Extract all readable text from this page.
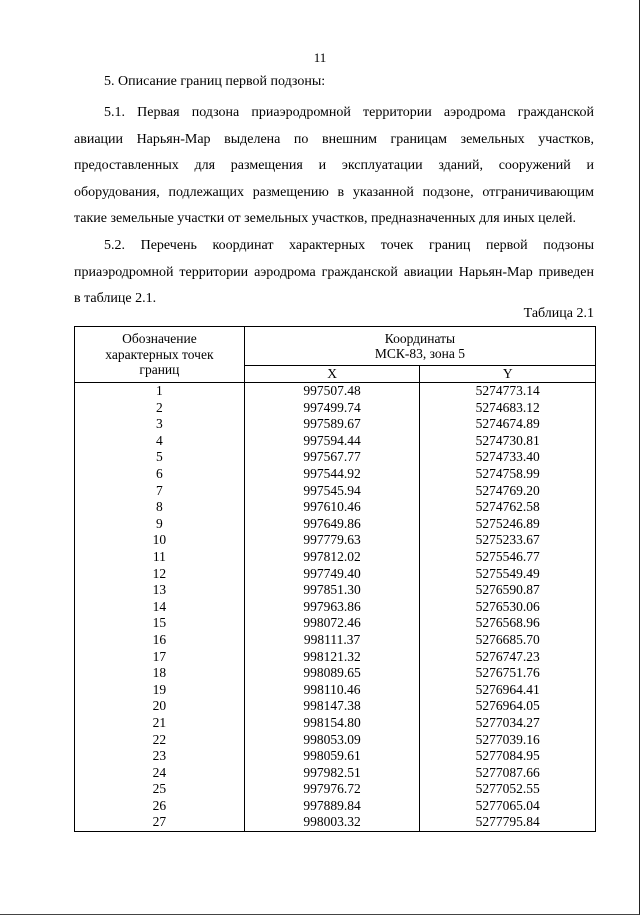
11
5. Описание границ первой подзоны:
5.1. Первая подзона приаэродромной территории аэродрома гражданской
авиации Нарьян-Мар выделена по внешним границам земельных участков,
предоставленных для размещения и эксплуатации зданий, сооружений и
оборудования, подлежащих размещению в указанной подзоне, отграничивающим
такие земельные участки от земельных участков, предназначенных для иных целей.
5.2. Перечень координат характерных точек границ первой подзоны
приаэродромной территории аэродрома гражданской авиации Нарьян-Мар приведен
в таблице 2.1.
Таблица 2.1
Обозначение характерных точек границ	Координаты
МСК-83, зона 5	

	X	Y
1	997507.48	5274773.14
2	997499.74	5274683.12
3	997589.67	5274674.89
4	997594.44	5274730.81
5	997567.77	5274733.40
6	997544.92	5274758.99
7	997545.94	5274769.20
8	997610.46	5274762.58
9	997649.86	5275246.89
10	997779.63	5275233.67
11	997812.02	5275546.77
12	997749.40	5275549.49
13	997851.30	5276590.87
14	997963.86	5276530.06
15	998072.46	5276568.96
16	998111.37	5276685.70
17	998121.32	5276747.23
18	998089.65	5276751.76
19	998110.46	5276964.41
20	998147.38	5276964.05
21	998154.80	5277034.27
22	998053.09	5277039.16
23	998059.61	5277084.95
24	997982.51	5277087.66
25	997976.72	5277052.55
26	997889.84	5277065.04
27	998003.32	5277795.84
